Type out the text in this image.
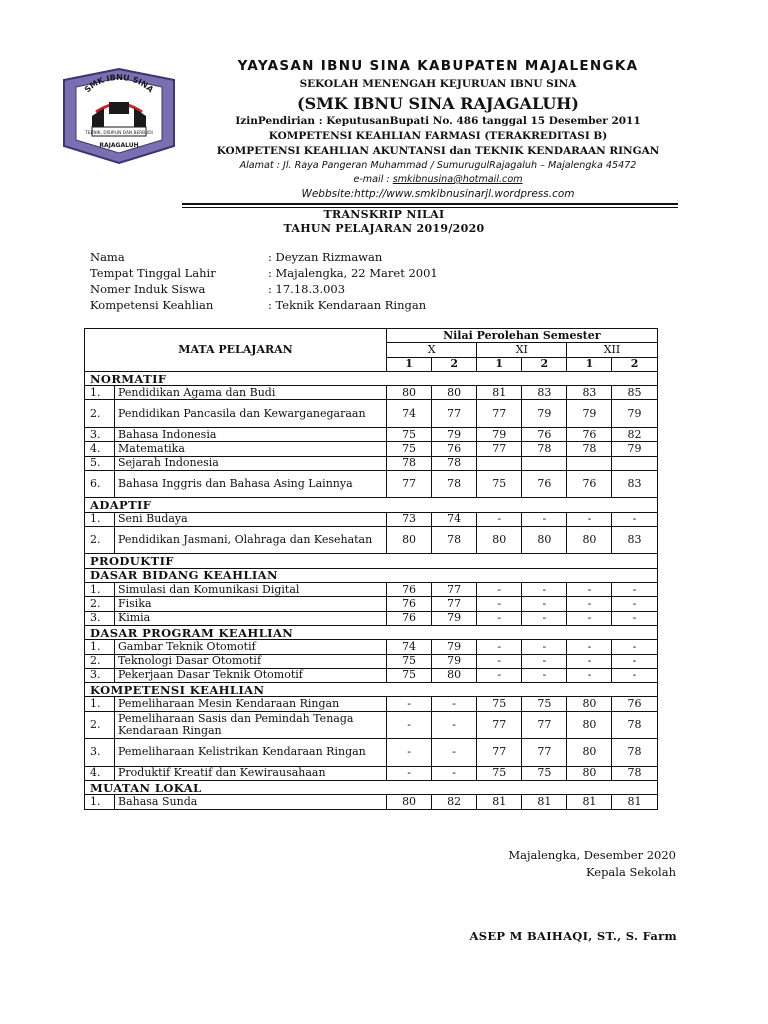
SMK IBNU SINA
TEKNIK, DISIPLIN DAN BERBUDI
RAJAGALUH
YAYASAN IBNU SINA KABUPATEN MAJALENGKA
SEKOLAH MENENGAH KEJURUAN IBNU SINA
(SMK IBNU SINA RAJAGALUH)
IzinPendirian : KeputusanBupati No. 486 tanggal 15 Desember 2011
KOMPETENSI KEAHLIAN FARMASI (TERAKREDITASI B)
KOMPETENSI KEAHLIAN AKUNTANSI dan TEKNIK KENDARAAN RINGAN
Alamat : Jl. Raya Pangeran Muhammad / SumurugulRajagaluh – Majalengka 45472
e-mail : smkibnusina@hotmail.com
Webbsite:http://www.smkibnusinarjl.wordpress.com
TRANSKRIP NILAI
TAHUN PELAJARAN 2019/2020
Nama	: Deyzan Rizmawan
Tempat Tinggal Lahir	: Majalengka, 22 Maret 2001
Nomer Induk Siswa	: 17.18.3.003
Kompetensi Keahlian	: Teknik Kendaraan Ringan
MATA PELAJARAN		Nilai Perolehan Semester					
		X		XI		XII	
		1	2	1	2	1	2
NORMATIF							
1.	Pendidikan Agama dan Budi	80	80	81	83	83	85
2.	Pendidikan Pancasila dan Kewarganegaraan	74	77	77	79	79	79
3.	Bahasa Indonesia	75	79	79	76	76	82
4.	Matematika	75	76	77	78	78	79
5.	Sejarah Indonesia	78	78				
6.	Bahasa Inggris dan Bahasa Asing Lainnya	77	78	75	76	76	83
ADAPTIF							
1.	Seni Budaya	73	74	-	-	-	-
2.	Pendidikan Jasmani, Olahraga dan Kesehatan	80	78	80	80	80	83
PRODUKTIF							
DASAR BIDANG KEAHLIAN							
1.	Simulasi dan Komunikasi Digital	76	77	-	-	-	-
2.	Fisika	76	77	-	-	-	-
3.	Kimia	76	79	-	-	-	-
DASAR PROGRAM KEAHLIAN							
1.	Gambar Teknik Otomotif	74	79	-	-	-	-
2.	Teknologi Dasar Otomotif	75	79	-	-	-	-
3.	Pekerjaan Dasar Teknik Otomotif	75	80	-	-	-	-
KOMPETENSI KEAHLIAN							
1.	Pemeliharaan Mesin Kendaraan Ringan	-	-	75	75	80	76
2.	Pemeliharaan Sasis dan Pemindah Tenaga Kendaraan Ringan	-	-	77	77	80	78
3.	Pemeliharaan Kelistrikan Kendaraan Ringan	-	-	77	77	80	78
4.	Produktif Kreatif dan Kewirausahaan	-	-	75	75	80	78
MUATAN LOKAL							
1.	Bahasa Sunda	80	82	81	81	81	81
Majalengka, Desember 2020
Kepala Sekolah
ASEP M BAIHAQI, ST., S. Farm
